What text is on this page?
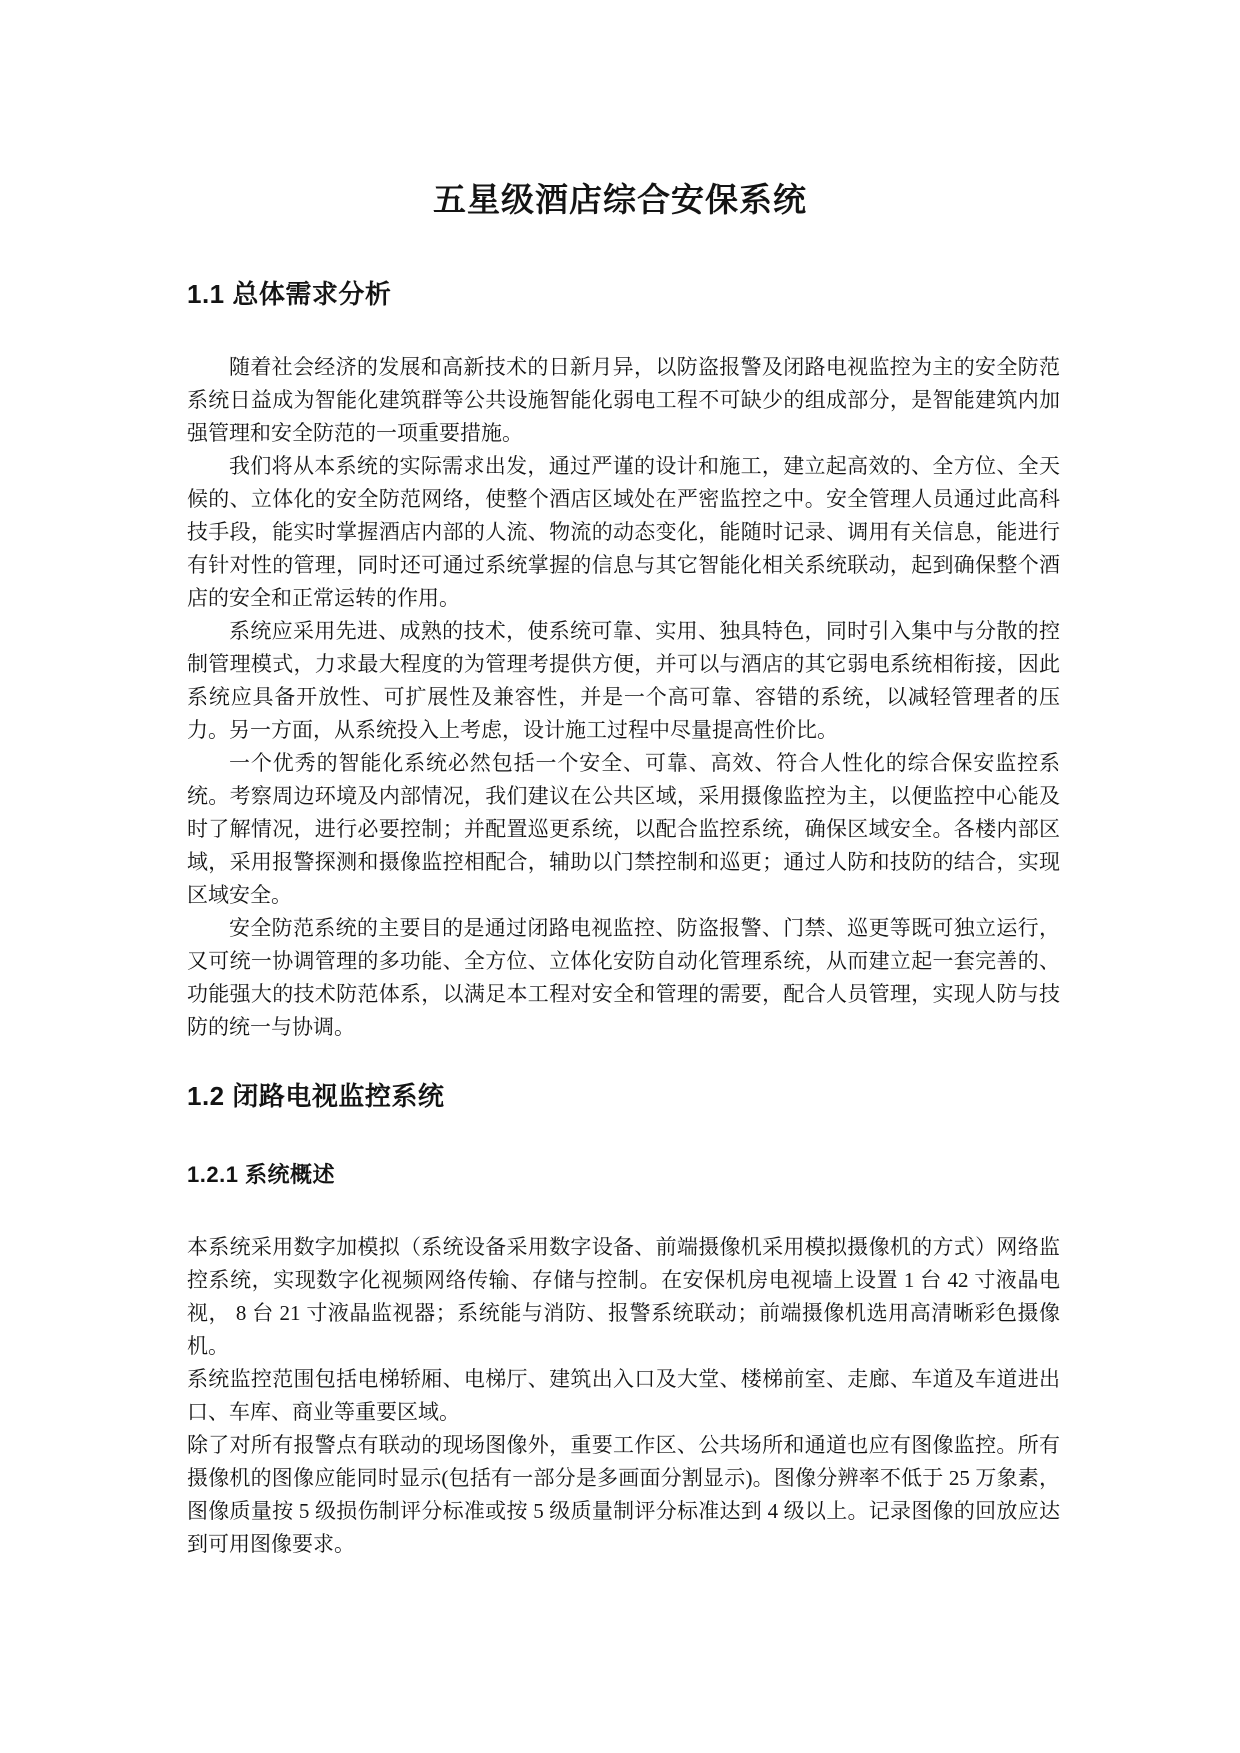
五星级酒店综合安保系统
1.1 总体需求分析

随着社会经济的发展和高新技术的日新月异，以防盗报警及闭路电视监控为主的安全防范系统日益成为智能化建筑群等公共设施智能化弱电工程不可缺少的组成部分，是智能建筑内加强管理和安全防范的一项重要措施。

我们将从本系统的实际需求出发，通过严谨的设计和施工，建立起高效的、全方位、全天候的、立体化的安全防范网络，使整个酒店区域处在严密监控之中。安全管理人员通过此高科技手段，能实时掌握酒店内部的人流、物流的动态变化，能随时记录、调用有关信息，能进行有针对性的管理，同时还可通过系统掌握的信息与其它智能化相关系统联动，起到确保整个酒店的安全和正常运转的作用。

系统应采用先进、成熟的技术，使系统可靠、实用、独具特色，同时引入集中与分散的控制管理模式，力求最大程度的为管理考提供方便，并可以与酒店的其它弱电系统相衔接，因此系统应具备开放性、可扩展性及兼容性，并是一个高可靠、容错的系统，以减轻管理者的压力。另一方面，从系统投入上考虑，设计施工过程中尽量提高性价比。

一个优秀的智能化系统必然包括一个安全、可靠、高效、符合人性化的综合保安监控系统。考察周边环境及内部情况，我们建议在公共区域，采用摄像监控为主，以便监控中心能及时了解情况，进行必要控制；并配置巡更系统，以配合监控系统，确保区域安全。各楼内部区域，采用报警探测和摄像监控相配合，辅助以门禁控制和巡更；通过人防和技防的结合，实现区域安全。

安全防范系统的主要目的是通过闭路电视监控、防盗报警、门禁、巡更等既可独立运行，又可统一协调管理的多功能、全方位、立体化安防自动化管理系统，从而建立起一套完善的、功能强大的技术防范体系，以满足本工程对安全和管理的需要，配合人员管理，实现人防与技防的统一与协调。

1.2 闭路电视监控系统
1.2.1 系统概述

本系统采用数字加模拟（系统设备采用数字设备、前端摄像机采用模拟摄像机的方式）网络监控系统，实现数字化视频网络传输、存储与控制。在安保机房电视墙上设置 1 台 42 寸液晶电视， 8 台 21 寸液晶监视器；系统能与消防、报警系统联动；前端摄像机选用高清晰彩色摄像机。

系统监控范围包括电梯轿厢、电梯厅、建筑出入口及大堂、楼梯前室、走廊、车道及车道进出口、车库、商业等重要区域。

除了对所有报警点有联动的现场图像外，重要工作区、公共场所和通道也应有图像监控。所有摄像机的图像应能同时显示(包括有一部分是多画面分割显示)。图像分辨率不低于 25 万象素，图像质量按 5 级损伤制评分标准或按 5 级质量制评分标准达到 4 级以上。记录图像的回放应达到可用图像要求。
